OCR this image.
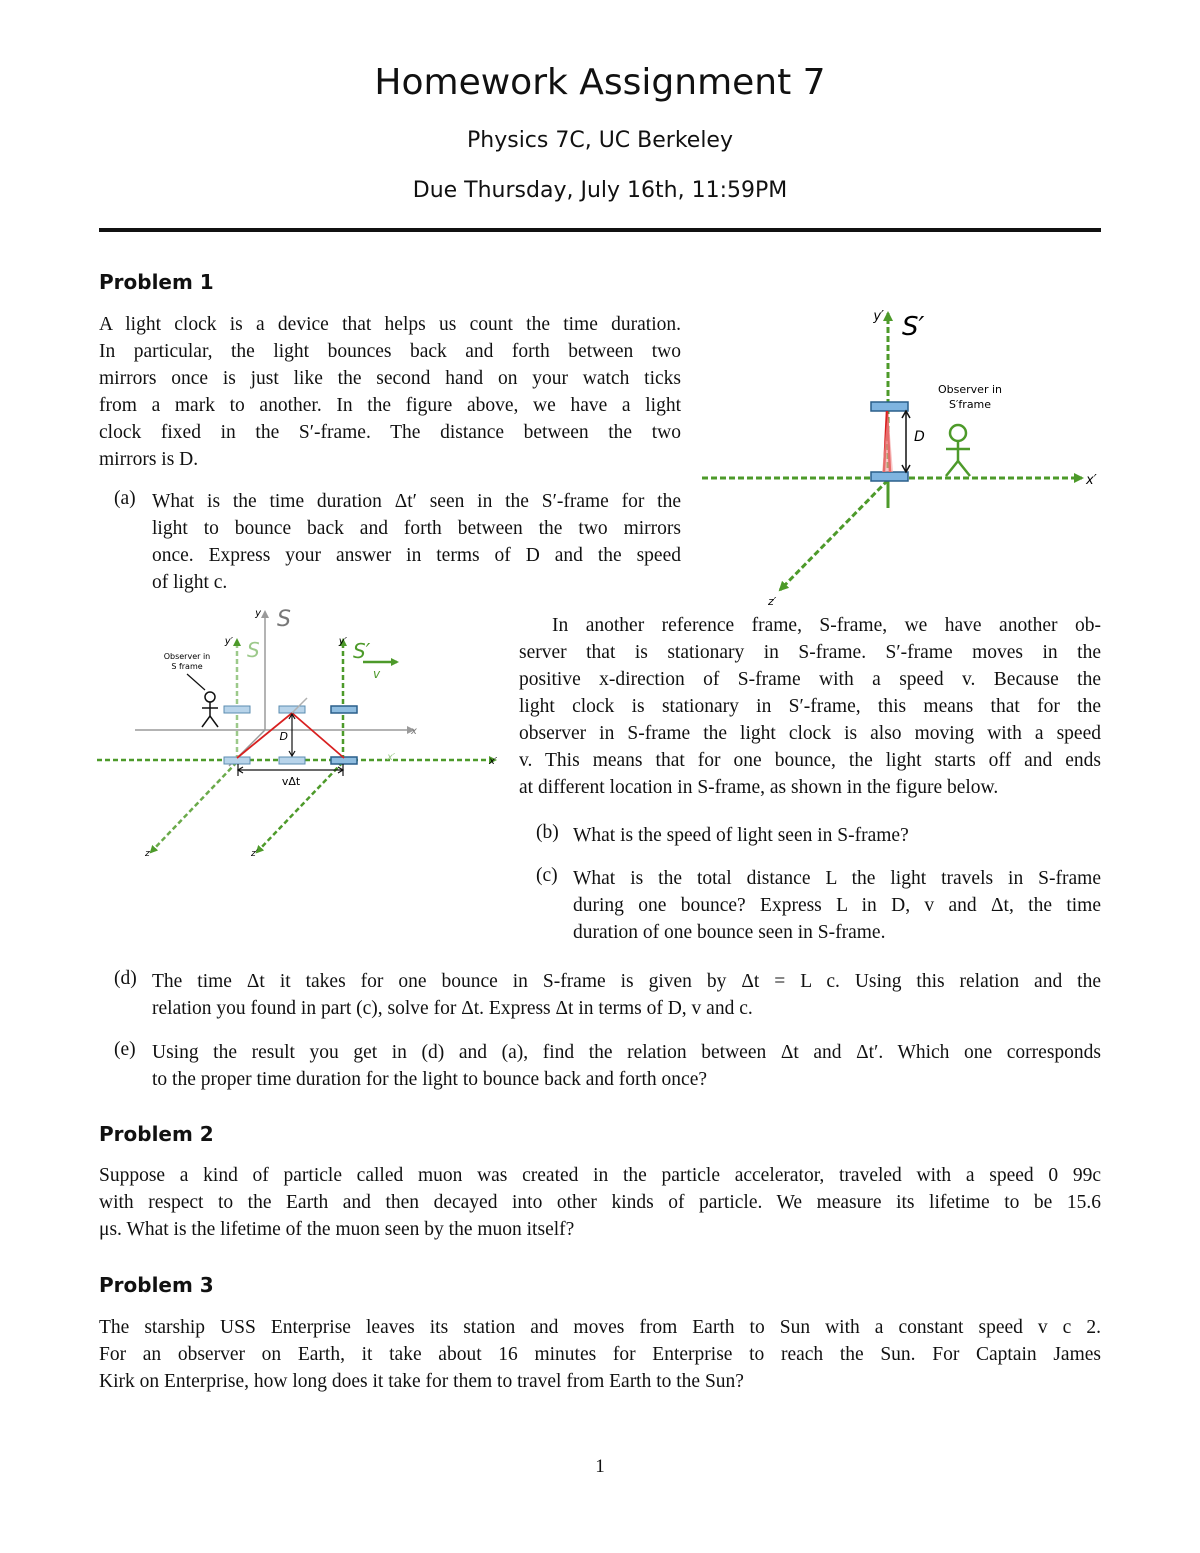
Homework Assignment 7
Physics 7C, UC Berkeley
Due Thursday, July 16th, 11:59PM
Problem 1
A light clock is a device that helps us count the time duration.
In particular, the light bounces back and forth between two
mirrors once is just like the second hand on your watch ticks
from a mark to another. In the figure above, we have a light
clock fixed in the S′-frame. The distance between the two
mirrors is D.
(a) What is the time duration Δt′ seen in the S′-frame for the
light to bounce back and forth between the two mirrors
once. Express your answer in terms of D and the speed
of light c.
y′ S′
x′
z′
D
Observer in
S′frame
y S
x
y′ S
z
y′ S′
z′
v
x′
x′
D
vΔt
Observer in
S frame
In another reference frame, S-frame, we have another ob-
server that is stationary in S-frame. S′-frame moves in the
positive x-direction of S-frame with a speed v. Because the
light clock is stationary in S′-frame, this means that for the
observer in S-frame the light clock is also moving with a speed
v. This means that for one bounce, the light starts off and ends
at different location in S-frame, as shown in the figure below.
(b) What is the speed of light seen in S-frame?
(c) What is the total distance L the light travels in S-frame
during one bounce? Express L in D, v and Δt, the time
duration of one bounce seen in S-frame.
(d) The time Δt it takes for one bounce in S-frame is given by Δt = L c. Using this relation and the
relation you found in part (c), solve for Δt. Express Δt in terms of D, v and c.
(e) Using the result you get in (d) and (a), find the relation between Δt and Δt′. Which one corresponds
to the proper time duration for the light to bounce back and forth once?
Problem 2
Suppose a kind of particle called muon was created in the particle accelerator, traveled with a speed 0 99c
with respect to the Earth and then decayed into other kinds of particle. We measure its lifetime to be 15.6
μs. What is the lifetime of the muon seen by the muon itself?
Problem 3
The starship USS Enterprise leaves its station and moves from Earth to Sun with a constant speed v c 2.
For an observer on Earth, it take about 16 minutes for Enterprise to reach the Sun. For Captain James
Kirk on Enterprise, how long does it take for them to travel from Earth to the Sun?
1
